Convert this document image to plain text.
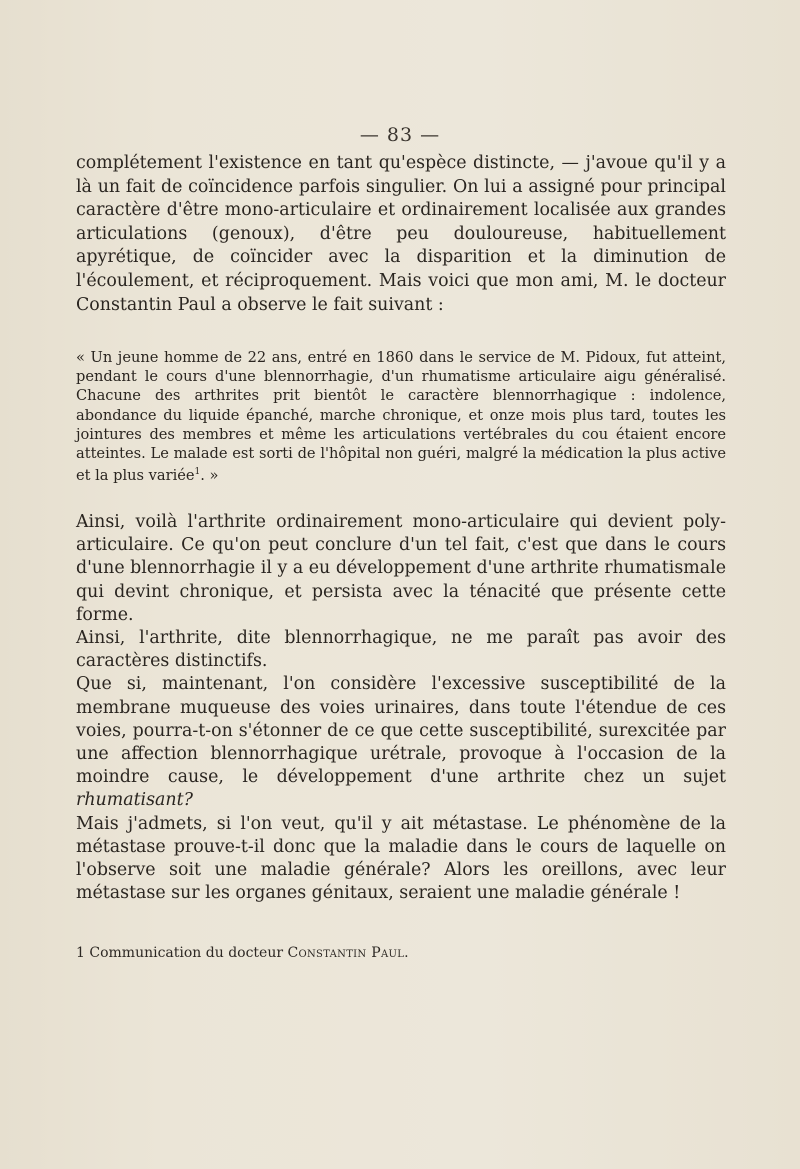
— 83 —

complétement l'existence en tant qu'espèce distincte, — j'avoue qu'il y a là un fait de coïncidence parfois singulier. On lui a assigné pour principal caractère d'être mono-articulaire et ordinairement localisée aux grandes articulations (genoux), d'être peu douloureuse, habituellement apyrétique, de coïncider avec la disparition et la diminution de l'écoulement, et réciproquement. Mais voici que mon ami, M. le docteur Constantin Paul a observe le fait suivant :

« Un jeune homme de 22 ans, entré en 1860 dans le service de M. Pidoux, fut atteint, pendant le cours d'une blennorrhagie, d'un rhumatisme articulaire aigu généralisé. Chacune des arthrites prit bientôt le caractère blennorrhagique : indolence, abondance du liquide épanché, marche chronique, et onze mois plus tard, toutes les jointures des membres et même les articulations vertébrales du cou étaient encore atteintes. Le malade est sorti de l'hôpital non guéri, malgré la médication la plus active et la plus variée$^1$. »

Ainsi, voilà l'arthrite ordinairement mono-articulaire qui devient poly-articulaire. Ce qu'on peut conclure d'un tel fait, c'est que dans le cours d'une blennorrhagie il y a eu développement d'une arthrite rhumatismale qui devint chronique, et persista avec la ténacité que présente cette forme.

Ainsi, l'arthrite, dite blennorrhagique, ne me paraît pas avoir des caractères distinctifs.

Que si, maintenant, l'on considère l'excessive susceptibilité de la membrane muqueuse des voies urinaires, dans toute l'étendue de ces voies, pourra-t-on s'étonner de ce que cette susceptibilité, surexcitée par une affection blennorrhagique urétrale, provoque à l'occasion de la moindre cause, le développement d'une arthrite chez un sujet rhumatisant?

Mais j'admets, si l'on veut, qu'il y ait métastase. Le phénomène de la métastase prouve-t-il donc que la maladie dans le cours de laquelle on l'observe soit une maladie générale? Alors les oreillons, avec leur métastase sur les organes génitaux, seraient une maladie générale !

1 Communication du docteur Constantin Paul.
